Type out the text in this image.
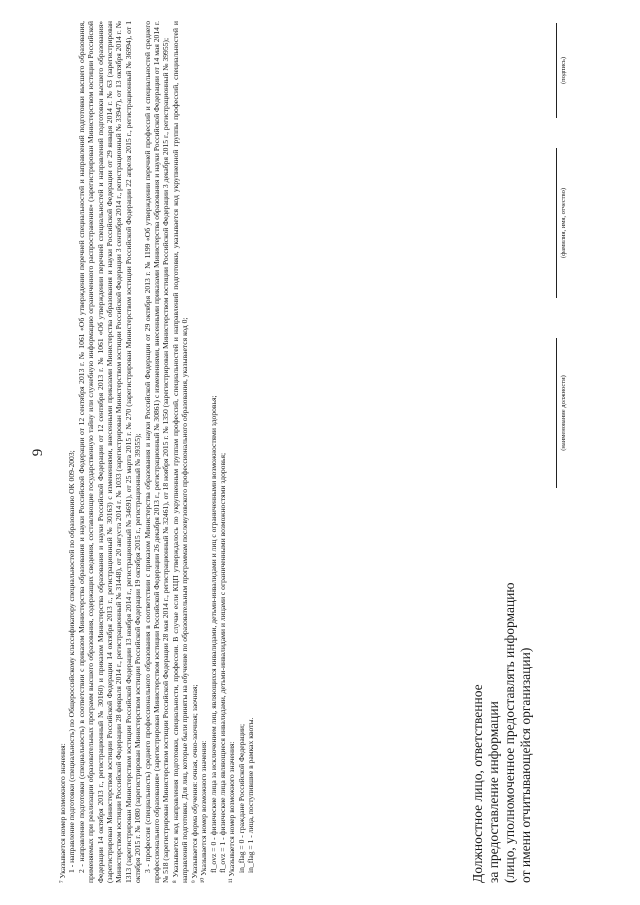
9

⁷ Указывается номер возможного значения: 1 - направление подготовки (специальность) по Общероссийскому классификатору специальностей по образованию ОК 009-2003; 2 - направление подготовки (специальность) в соответствии с приказом Министерства образования и науки Российской Федерации от 12 сентября 2013 г. № 1061 «Об утверждении перечней специальностей и направлений подготовки высшего образования, применяемых при реализации образовательных программ высшего образования, содержащих сведения, составляющие государственную тайну или служебную информацию ограниченного распространения» (зарегистрирован Министерством юстиции Российской Федерации 14 октября 2013 г., регистрационный № 30160) и приказом Министерства образования и науки Российской Федерации от 12 сентября 2013 г. № 1061 «Об утверждении перечней специальностей и направлений подготовки высшего образования» (зарегистрирован Министерством юстиции Российской Федерации 14 октября 2013 г., регистрационный № 30163) с изменениями, внесенными приказами Министерства образования и науки Российской Федерации от 29 января 2014 г. № 63 (зарегистрирован Министерством юстиции Российской Федерации 28 февраля 2014 г., регистрационный № 31448), от 20 августа 2014 г. № 1033 (зарегистрирован Министерством юстиции Российской Федерации 3 сентября 2014 г., регистрационный № 33947), от 13 октября 2014 г. № 1313 (зарегистрирован Министерством юстиции Российской Федерации 13 ноября 2014 г., регистрационный № 34691), от 25 марта 2015 г. № 270 (зарегистрирован Министерством юстиции Российской Федерации 22 апреля 2015 г., регистрационный № 36994), от 1 октября 2015 г. № 1080 (зарегистрирован Министерством юстиции Российской Федерации 19 октября 2015 г., регистрационный № 39355); 3 - профессия (специальность) среднего профессионального образования в соответствии с приказом Министерства образования и науки Российской Федерации от 29 октября 2013 г. № 1199 «Об утверждении перечней профессий и специальностей среднего профессионального образования» (зарегистрирован Министерством юстиции Российской Федерации 26 декабря 2013 г., регистрационный № 30861) с изменениями, внесенными приказами Министерства образования и науки Российской Федерации от 14 мая 2014 г. № 518 (зарегистрирован Министерством юстиции Российской Федерации 28 мая 2014 г., регистрационный № 32461), от 18 ноября 2015 г. № 1350 (зарегистрирован Министерством юстиции Российской Федерации 3 декабря 2015 г., регистрационный № 39955); ⁸ Указывается код направления подготовки, специальности, профессии. В случае если КЦП утверждалось по укрупненным группам профессий, специальностей и направлений подготовки, указывается код укрупненной группы профессий, специальностей и направлений подготовки. Для лиц, которые были приняты на обучение по образовательным программам послевузовского профессионального образования, указывается код 0; ⁹ Указывается форма обучения: очная, очно-заочная; заочная; ¹⁰ Указывается номер возможного значения: fl_ovz = 0 - физические лица за исключением лиц, являющихся инвалидами, детьми-инвалидами и лиц с ограниченными возможностями здоровья; fl_ovz = 1 - физические лица являющиеся инвалидами, детьми-инвалидами и лицами с ограниченными возможностями здоровья; ¹¹ Указывается номер возможного значения: in_flag = 0 - граждане Российской Федерации; in_flag = 1 - лица, поступившие в рамках квоты.	Должностное лицо, ответственное за предоставление информации (лицо, уполномоченное предоставлять информацию от имени отчитывающейся организации)
(наименование должности)
(фамилия, имя, отчество)
(подпись)
